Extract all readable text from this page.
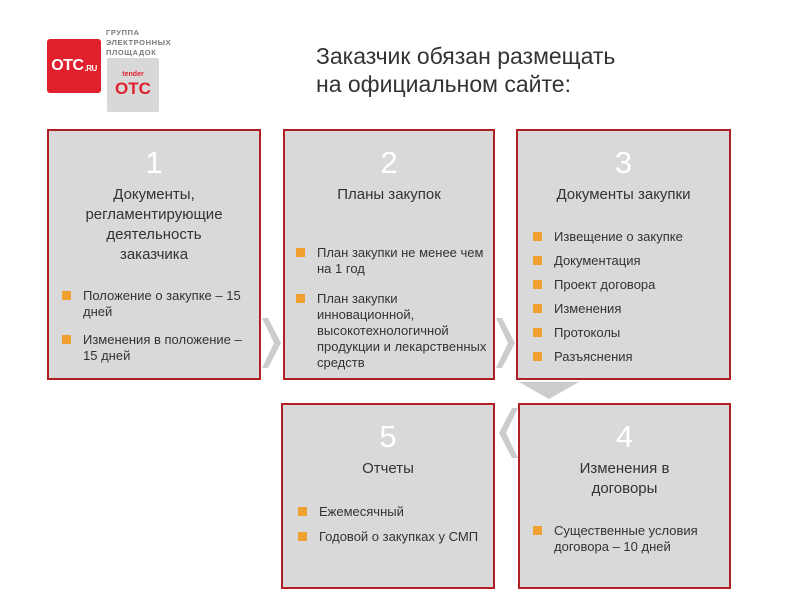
OTC .RU
ГРУППА ЭЛЕКТРОННЫХ ПЛОЩАДОК
tender
OTC
Заказчик обязан размещать
на официальном сайте:
1
Документы,
регламентирующие
деятельность
заказчика
Положение о закупке – 15 дней
Изменения в положение – 15 дней
2
Планы закупок
План закупки не менее чем на 1 год
План закупки инновационной, высокотехнологичной продукции и лекарственных средств
3
Документы закупки
Извещение о закупке
Документация
Проект договора
Изменения
Протоколы
Разъяснения
5
Отчеты
Ежемесячный
Годовой о закупках у СМП
4
Изменения в
договоры
Существенные условия договора – 10 дней
